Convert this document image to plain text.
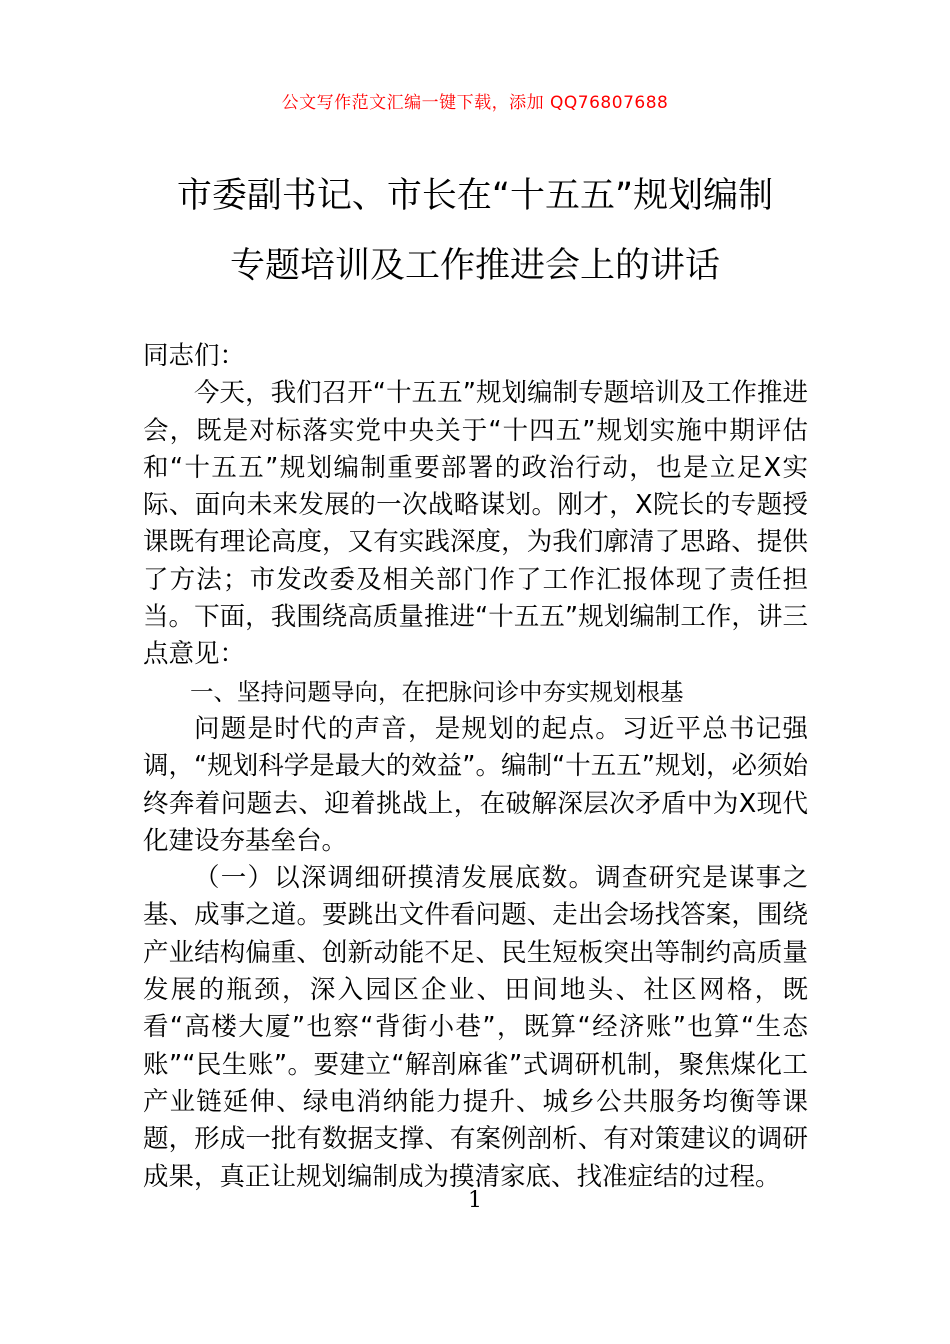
公文写作范文汇编一键下载，添加 QQ76807688
市委副书记、市长在“十五五”规划编制
专题培训及工作推进会上的讲话

同志们：

今天，我们召开“十五五”规划编制专题培训及工作推进会，既是对标落实党中央关于“十四五”规划实施中期评估和“十五五”规划编制重要部署的政治行动，也是立足X实际、面向未来发展的一次战略谋划。刚才，X院长的专题授课既有理论高度，又有实践深度，为我们廓清了思路、提供了方法；市发改委及相关部门作了工作汇报体现了责任担当。下面，我围绕高质量推进“十五五”规划编制工作，讲三点意见：

一、坚持问题导向，在把脉问诊中夯实规划根基

问题是时代的声音，是规划的起点。习近平总书记强调，“规划科学是最大的效益”。编制“十五五”规划，必须始终奔着问题去、迎着挑战上，在破解深层次矛盾中为X现代化建设夯基垒台。

（一）以深调细研摸清发展底数。调查研究是谋事之基、成事之道。要跳出文件看问题、走出会场找答案，围绕产业结构偏重、创新动能不足、民生短板突出等制约高质量发展的瓶颈，深入园区企业、田间地头、社区网格，既看“高楼大厦”也察“背街小巷”，既算“经济账”也算“生态账”“民生账”。要建立“解剖麻雀”式调研机制，聚焦煤化工产业链延伸、绿电消纳能力提升、城乡公共服务均衡等课题，形成一批有数据支撑、有案例剖析、有对策建议的调研成果，真正让规划编制成为摸清家底、找准症结的过程。

1
